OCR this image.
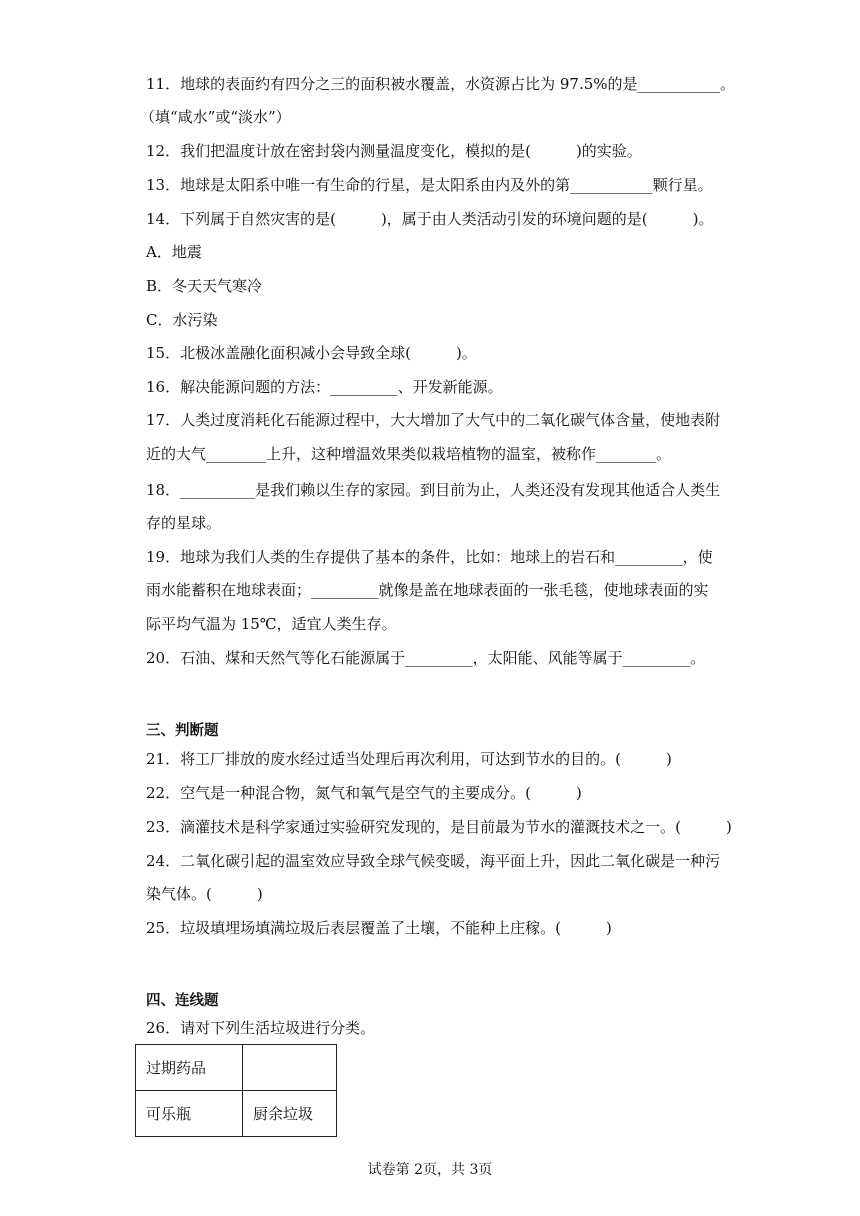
11．地球的表面约有四分之三的面积被水覆盖，水资源占比为 97.5%的是___________。
（填“咸水”或“淡水”）
12．我们把温度计放在密封袋内测量温度变化，模拟的是(　　　)的实验。
13．地球是太阳系中唯一有生命的行星，是太阳系由内及外的第___________颗行星。
14．下列属于自然灾害的是(　　　)，属于由人类活动引发的环境问题的是(　　　)。
A．地震
B．冬天天气寒冷
C．水污染
15．北极冰盖融化面积减小会导致全球(　　　)。
16．解决能源问题的方法：_________、开发新能源。
17．人类过度消耗化石能源过程中，大大增加了大气中的二氧化碳气体含量，使地表附
近的大气________上升，这种增温效果类似栽培植物的温室，被称作________。
18．__________是我们赖以生存的家园。到目前为止，人类还没有发现其他适合人类生
存的星球。
19．地球为我们人类的生存提供了基本的条件，比如：地球上的岩石和_________，使
雨水能蓄积在地球表面；_________就像是盖在地球表面的一张毛毯，使地球表面的实
际平均气温为 15℃，适宜人类生存。
20．石油、煤和天然气等化石能源属于_________，太阳能、风能等属于_________。
三、判断题
21．将工厂排放的废水经过适当处理后再次利用，可达到节水的目的。(　　　)
22．空气是一种混合物，氮气和氧气是空气的主要成分。(　　　)
23．滴灌技术是科学家通过实验研究发现的，是目前最为节水的灌溉技术之一。(　　　)
24．二氧化碳引起的温室效应导致全球气候变暖，海平面上升，因此二氧化碳是一种污
染气体。(　　　)
25．垃圾填埋场填满垃圾后表层覆盖了土壤，不能种上庄稼。(　　　)
四、连线题
26．请对下列生活垃圾进行分类。
过期药品	
可乐瓶	厨余垃圾
试卷第 2页，共 3页
